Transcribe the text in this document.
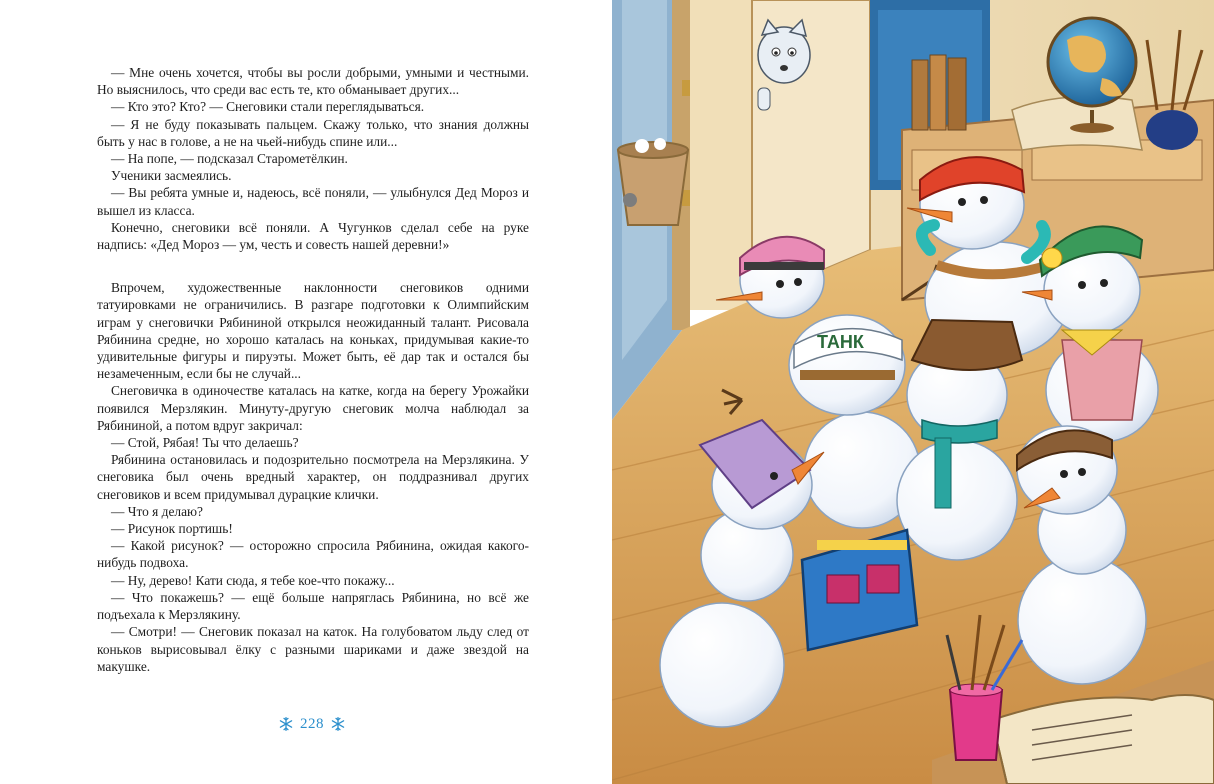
— Мне очень хочется, чтобы вы росли добрыми, умными и честными. Но выяснилось, что среди вас есть те, кто обманывает других...

— Кто это? Кто? — Снеговики стали переглядываться.

— Я не буду показывать пальцем. Скажу только, что знания должны быть у нас в голове, а не на чьей-нибудь спине или...

— На попе, — подсказал Старометёлкин.

Ученики засмеялись.

— Вы ребята умные и, надеюсь, всё поняли, — улыбнулся Дед Мороз и вышел из класса.

Конечно, снеговики всё поняли. А Чугунков сделал себе на руке надпись: «Дед Мороз — ум, честь и совесть нашей деревни!»

Впрочем, художественные наклонности снеговиков одними татуировками не ограничились. В разгаре подготовки к Олимпийским играм у снеговички Рябининой открылся неожиданный талант. Рисовала Рябинина средне, но хорошо каталась на коньках, придумывая какие-то удивительные фигуры и пируэты. Может быть, её дар так и остался бы незамеченным, если бы не случай...

Снеговичка в одиночестве каталась на катке, когда на берегу Урожайки появился Мерзлякин. Минуту-другую снеговик молча наблюдал за Рябининой, а потом вдруг закричал:

— Стой, Рябая! Ты что делаешь?

Рябинина остановилась и подозрительно посмотрела на Мерзлякина. У снеговика был очень вредный характер, он поддразнивал других снеговиков и всем придумывал дурацкие клички.

— Что я делаю?

— Рисунок портишь!

— Какой рисунок? — осторожно спросила Рябинина, ожидая какого-нибудь подвоха.

— Ну, дерево! Кати сюда, я тебе кое-что покажу...

— Что покажешь? — ещё больше напряглась Рябинина, но всё же подъехала к Мерзлякину.

— Смотри! — Снеговик показал на каток. На голубоватом льду след от коньков вырисовывал ёлку с разными шариками и даже звездой на макушке.

228
ТАНК
